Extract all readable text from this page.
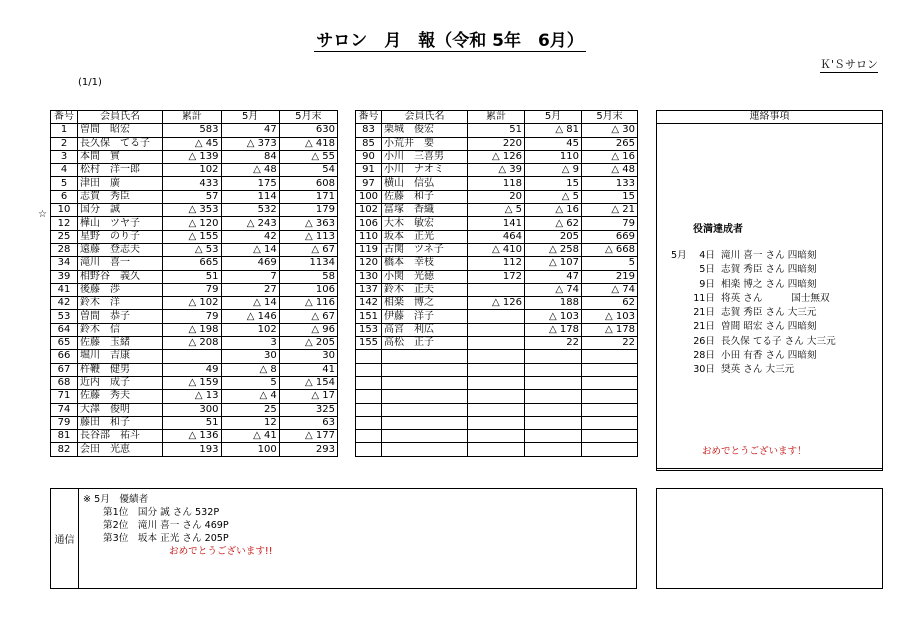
サロン　月　報（令和 5年　6月）
Ｋ'Ｓサロン
(1/1)
☆
番号	会員氏名	累計	5月	5月末
1	曽間　昭宏	583	47	630
2	長久保　てる子	△ 45	△ 373	△ 418
3	本間　實	△ 139	84	△ 55
4	松村　洋一郎	102	△ 48	54
5	津田　廣	433	175	608
6	志賀　秀臣	57	114	171
10	国分　誠	△ 353	532	179
12	樺山　ツヤ子	△ 120	△ 243	△ 363
25	星野　のり子	△ 155	42	△ 113
28	遠藤　登志夫	△ 53	△ 14	△ 67
34	滝川　喜一	665	469	1134
39	相野谷　義久	51	7	58
41	後藤　渉	79	27	106
42	鈴木　洋	△ 102	△ 14	△ 116
53	曽間　恭子	79	△ 146	△ 67
64	鈴木　信	△ 198	102	△ 96
65	佐藤　玉緒	△ 208	3	△ 205
66	堀川　吉康		30	30
67	杵鞭　健男	49	△ 8	41
68	近内　成子	△ 159	5	△ 154
71	佐藤　秀夫	△ 13	△ 4	△ 17
74	大澤　俊明	300	25	325
79	藤田　和子	51	12	63
81	長谷部　祐斗	△ 136	△ 41	△ 177
82	会田　光恵	193	100	293
番号	会員氏名	累計	5月	5月末
83	栗城　俊宏	51	△ 81	△ 30
85	小荒井　要	220	45	265
90	小川　三喜男	△ 126	110	△ 16
91	小川　ナオミ	△ 39	△ 9	△ 48
97	横山　信弘	118	15	133
100	佐藤　和子	20	△ 5	15
102	冨塚　香織	△ 5	△ 16	△ 21
106	大木　敏宏	141	△ 62	79
110	坂本　正光	464	205	669
119	古関　ツネ子	△ 410	△ 258	△ 668
120	橋本　幸枝	112	△ 107	5
130	小関　光徳	172	47	219
137	鈴木　正夫		△ 74	△ 74
142	相楽　博之	△ 126	188	62
151	伊藤　洋子		△ 103	△ 103
153	高宮　利広		△ 178	△ 178
155	高松　正子		22	22

連絡事項
役満達成者
5月 4日 滝川 喜一 さん 四暗刻
5日 志賀 秀臣 さん 四暗刻
9日 相楽 博之 さん 四暗刻
11日 将英 さん　　　国士無双
21日 志賀 秀臣 さん 大三元
21日 曽間 昭宏 さん 四暗刻
26日 長久保 てる子 さん 大三元
28日 小田 有香 さん 四暗刻
30日 奨英 さん 大三元
おめでとうございます！
通信
※ 5月　優績者
第1位　国分 誠 さん 532P
第2位　滝川 喜一 さん 469P
第3位　坂本 正光 さん 205P
おめでとうございます!!
